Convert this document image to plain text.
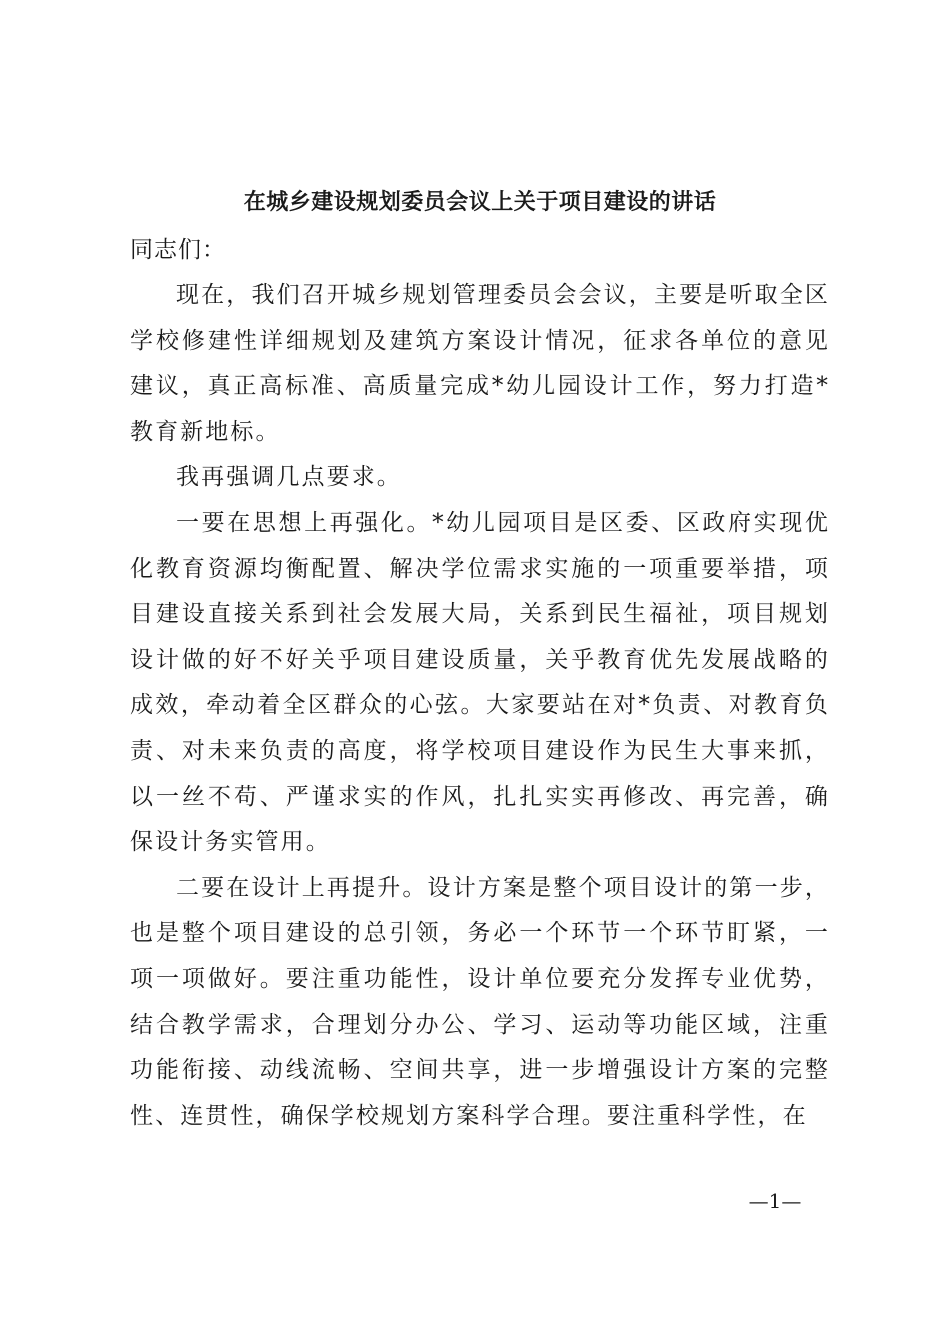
在城乡建设规划委员会议上关于项目建设的讲话

同志们：

现在，我们召开城乡规划管理委员会会议，主要是听取全区学校修建性详细规划及建筑方案设计情况，征求各单位的意见建议，真正高标准、高质量完成*幼儿园设计工作，努力打造*教育新地标。

我再强调几点要求。

一要在思想上再强化。*幼儿园项目是区委、区政府实现优化教育资源均衡配置、解决学位需求实施的一项重要举措，项目建设直接关系到社会发展大局，关系到民生福祉，项目规划设计做的好不好关乎项目建设质量，关乎教育优先发展战略的成效，牵动着全区群众的心弦。大家要站在对*负责、对教育负责、对未来负责的高度，将学校项目建设作为民生大事来抓，以一丝不苟、严谨求实的作风，扎扎实实再修改、再完善，确保设计务实管用。

二要在设计上再提升。设计方案是整个项目设计的第一步，也是整个项目建设的总引领，务必一个环节一个环节盯紧，一项一项做好。要注重功能性，设计单位要充分发挥专业优势，结合教学需求，合理划分办公、学习、运动等功能区域，注重功能衔接、动线流畅、空间共享，进一步增强设计方案的完整性、连贯性，确保学校规划方案科学合理。要注重科学性，在

—1—
